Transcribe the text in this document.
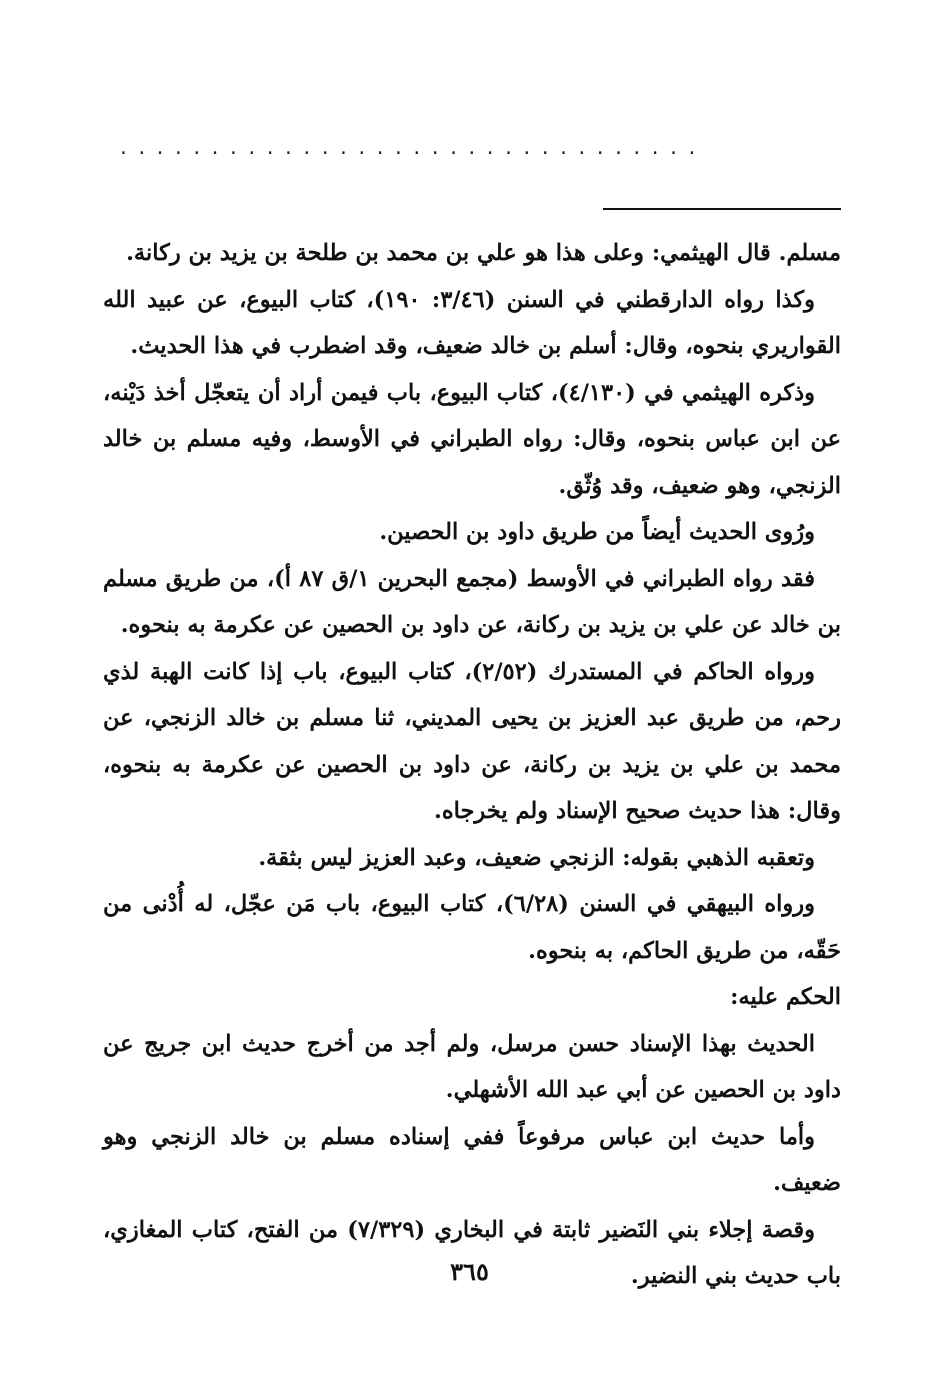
................................

مسلم. قال الهيثمي: وعلى هذا هو علي بن محمد بن طلحة بن يزيد بن ركانة.

وكذا رواه الدارقطني في السنن (٣/٤٦: ١٩٠)، كتاب البيوع، عن عبيد الله القواريري بنحوه، وقال: أسلم بن خالد ضعيف، وقد اضطرب في هذا الحديث.

وذكره الهيثمي في (٤/١٣٠)، كتاب البيوع، باب فيمن أراد أن يتعجّل أخذ دَيْنه، عن ابن عباس بنحوه، وقال: رواه الطبراني في الأوسط، وفيه مسلم بن خالد الزنجي، وهو ضعيف، وقد وُثّق.

ورُوى الحديث أيضاً من طريق داود بن الحصين.

فقد رواه الطبراني في الأوسط (مجمع البحرين ١/ق ٨٧ أ)، من طريق مسلم بن خالد عن علي بن يزيد بن ركانة، عن داود بن الحصين عن عكرمة به بنحوه.

ورواه الحاكم في المستدرك (٢/٥٢)، كتاب البيوع، باب إذا كانت الهبة لذي رحم، من طريق عبد العزيز بن يحيى المديني، ثنا مسلم بن خالد الزنجي، عن محمد بن علي بن يزيد بن ركانة، عن داود بن الحصين عن عكرمة به بنحوه، وقال: هذا حديث صحيح الإسناد ولم يخرجاه.

وتعقبه الذهبي بقوله: الزنجي ضعيف، وعبد العزيز ليس بثقة.

ورواه البيهقي في السنن (٦/٢٨)، كتاب البيوع، باب مَن عجّل، له أُدْنى من حَقّه، من طريق الحاكم، به بنحوه.

الحكم عليه:

الحديث بهذا الإسناد حسن مرسل، ولم أجد من أخرج حديث ابن جريج عن داود بن الحصين عن أبي عبد الله الأشهلي.

وأما حديث ابن عباس مرفوعاً ففي إسناده مسلم بن خالد الزنجي وهو ضعيف.

وقصة إجلاء بني النَضير ثابتة في البخاري (٧/٣٢٩) من الفتح، كتاب المغازي، باب حديث بني النضير.

٣٦٥
